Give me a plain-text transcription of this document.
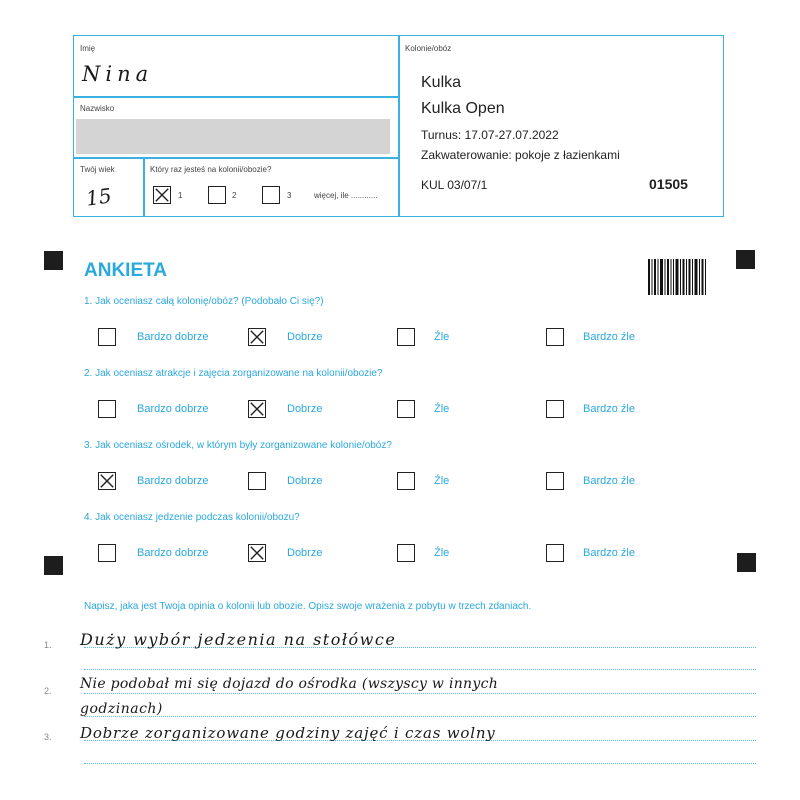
Imię
Nina
Nazwisko
Twój wiek
15
Który raz jesteś na kolonii/obozie?
1	2	3	więcej, ile ............
Kolonie/obóz
Kulka
Kulka Open
Turnus: 17.07-27.07.2022
Zakwaterowanie: pokoje z łazienkami
KUL 03/07/1	01505
ANKIETA
1. Jak oceniasz całą kolonię/obóz? (Podobało Ci się?)
Bardzo dobrze	Dobrze	Źle	Bardzo źle
2. Jak oceniasz atrakcje i zajęcia zorganizowane na kolonii/obozie?
Bardzo dobrze	Dobrze	Źle	Bardzo źle
3. Jak oceniasz ośrodek, w którym były zorganizowane kolonie/obóz?
Bardzo dobrze	Dobrze	Źle	Bardzo źle
4. Jak oceniasz jedzenie podczas kolonii/obozu?
Bardzo dobrze	Dobrze	Źle	Bardzo źle
Napisz, jaka jest Twoja opinia o kolonii lub obozie. Opisz swoje wrażenia z pobytu w trzech zdaniach.
1.
2.
3.
Duży wybór jedzenia na stołówce
Nie podobał mi się dojazd do ośrodka (wszyscy w innych
godzinach)
Dobrze zorganizowane godziny zajęć i czas wolny
